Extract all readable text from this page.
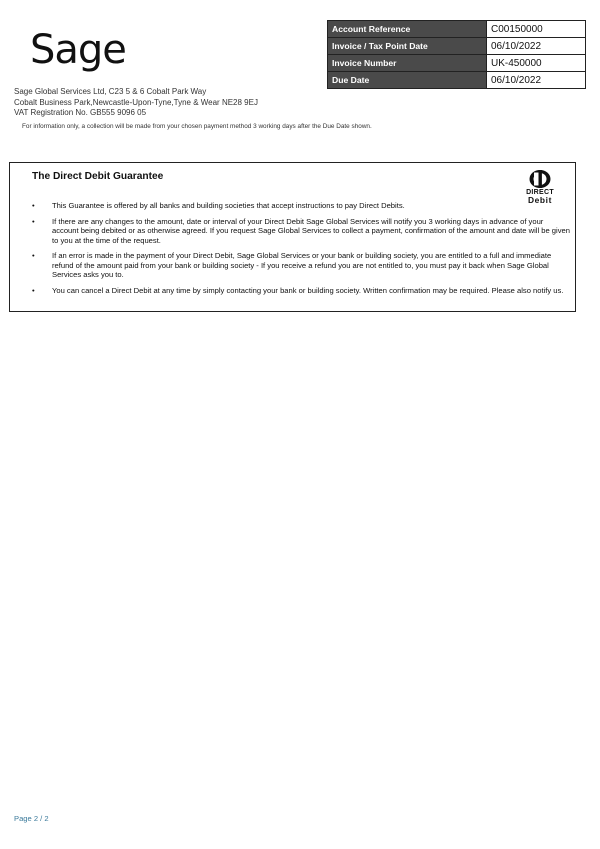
Sage
Sage Global Services Ltd, C23 5 & 6 Cobalt Park Way
Cobalt Business Park,Newcastle-Upon-Tyne,Tyne & Wear NE28 9EJ
VAT Registration No. GB555 9096 05
For information only, a collection will be made from your chosen payment method 3 working days after the Due Date shown.
Account Reference	C00150000
Invoice / Tax Point Date	06/10/2022
Invoice Number	UK-450000
Due Date	06/10/2022
The Direct Debit Guarantee
DIRECT
Debit
• This Guarantee is offered by all banks and building societies that accept instructions to pay Direct Debits.
• If there are any changes to the amount, date or interval of your Direct Debit Sage Global Services will notify you 3 working days in advance of your account being debited or as otherwise agreed. If you request Sage Global Services to collect a payment, confirmation of the amount and date will be given to you at the time of the request.
• If an error is made in the payment of your Direct Debit, Sage Global Services or your bank or building society, you are entitled to a full and immediate refund of the amount paid from your bank or building society - If you receive a refund you are not entitled to, you must pay it back when Sage Global Services asks you to.
• You can cancel a Direct Debit at any time by simply contacting your bank or building society. Written confirmation may be required. Please also notify us.
Page 2 / 2
